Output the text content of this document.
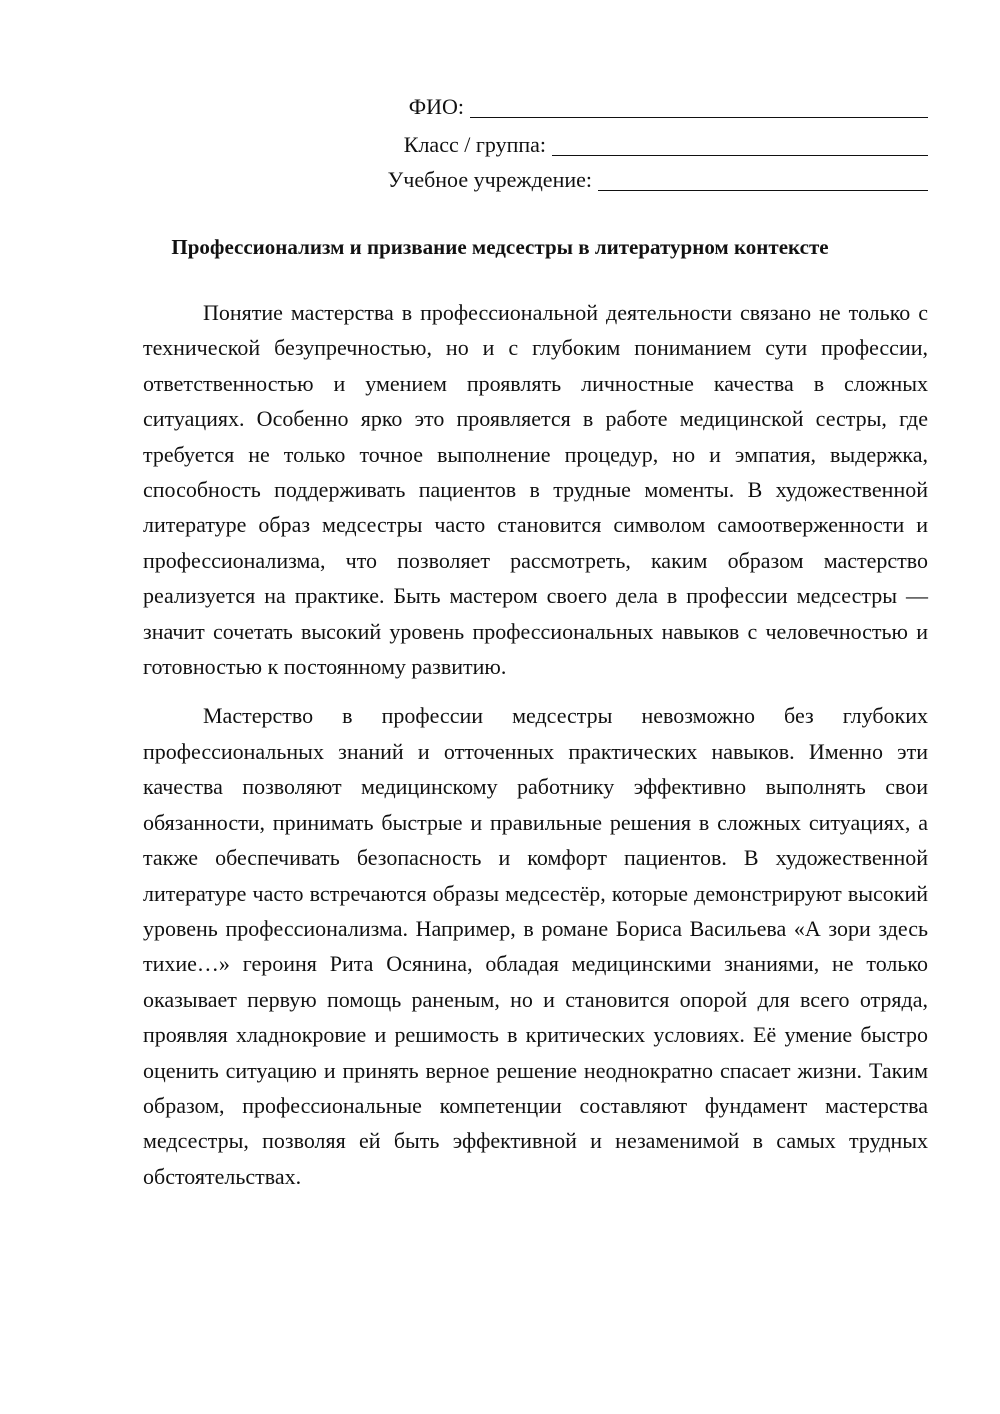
ФИО:
Класс / группа:
Учебное учреждение:
Профессионализм и призвание медсестры в литературном контексте

Понятие мастерства в профессиональной деятельности связано не только с технической безупречностью, но и с глубоким пониманием сути профессии, ответственностью и умением проявлять личностные качества в сложных ситуациях. Особенно ярко это проявляется в работе медицинской сестры, где требуется не только точное выполнение процедур, но и эмпатия, выдержка, способность поддерживать пациентов в трудные моменты. В художественной литературе образ медсестры часто становится символом самоотверженности и профессионализма, что позволяет рассмотреть, каким образом мастерство реализуется на практике. Быть мастером своего дела в профессии медсестры — значит сочетать высокий уровень профессиональных навыков с человечностью и готовностью к постоянному развитию.

Мастерство в профессии медсестры невозможно без глубоких профессиональных знаний и отточенных практических навыков. Именно эти качества позволяют медицинскому работнику эффективно выполнять свои обязанности, принимать быстрые и правильные решения в сложных ситуациях, а также обеспечивать безопасность и комфорт пациентов. В художественной литературе часто встречаются образы медсестёр, которые демонстрируют высокий уровень профессионализма. Например, в романе Бориса Васильева «А зори здесь тихие…» героиня Рита Осянина, обладая медицинскими знаниями, не только оказывает первую помощь раненым, но и становится опорой для всего отряда, проявляя хладнокровие и решимость в критических условиях. Её умение быстро оценить ситуацию и принять верное решение неоднократно спасает жизни. Таким образом, профессиональные компетенции составляют фундамент мастерства медсестры, позволяя ей быть эффективной и незаменимой в самых трудных обстоятельствах.
